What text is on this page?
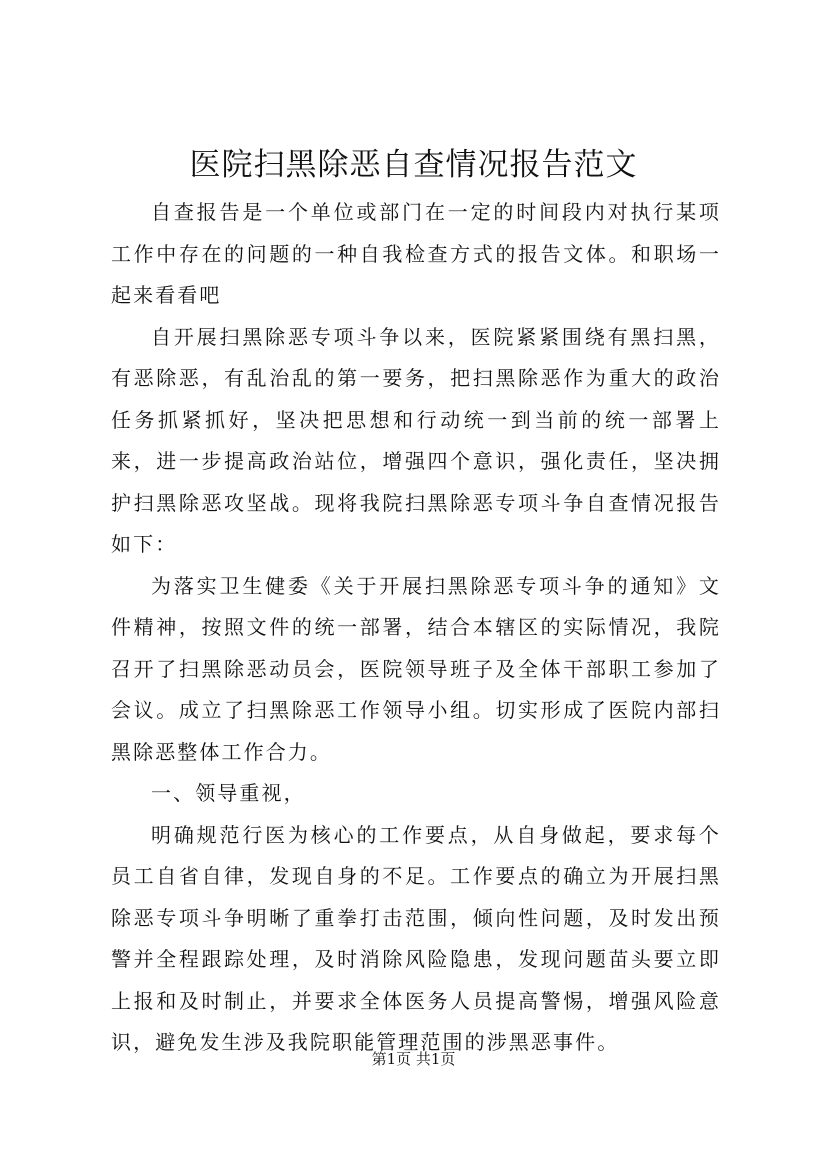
医院扫黑除恶自查情况报告范文

自查报告是一个单位或部门在一定的时间段内对执行某项工作中存在的问题的一种自我检查方式的报告文体。和职场一起来看看吧

自开展扫黑除恶专项斗争以来，医院紧紧围绕有黑扫黑，有恶除恶，有乱治乱的第一要务，把扫黑除恶作为重大的政治任务抓紧抓好，坚决把思想和行动统一到当前的统一部署上来，进一步提高政治站位，增强四个意识，强化责任，坚决拥护扫黑除恶攻坚战。现将我院扫黑除恶专项斗争自查情况报告如下：

为落实卫生健委《关于开展扫黑除恶专项斗争的通知》文件精神，按照文件的统一部署，结合本辖区的实际情况，我院召开了扫黑除恶动员会，医院领导班子及全体干部职工参加了会议。成立了扫黑除恶工作领导小组。切实形成了医院内部扫黑除恶整体工作合力。

一、领导重视，

明确规范行医为核心的工作要点，从自身做起，要求每个员工自省自律，发现自身的不足。工作要点的确立为开展扫黑除恶专项斗争明晰了重拳打击范围，倾向性问题，及时发出预警并全程跟踪处理，及时消除风险隐患，发现问题苗头要立即上报和及时制止，并要求全体医务人员提高警惕，增强风险意识，避免发生涉及我院职能管理范围的涉黑恶事件。

第1页 共1页
